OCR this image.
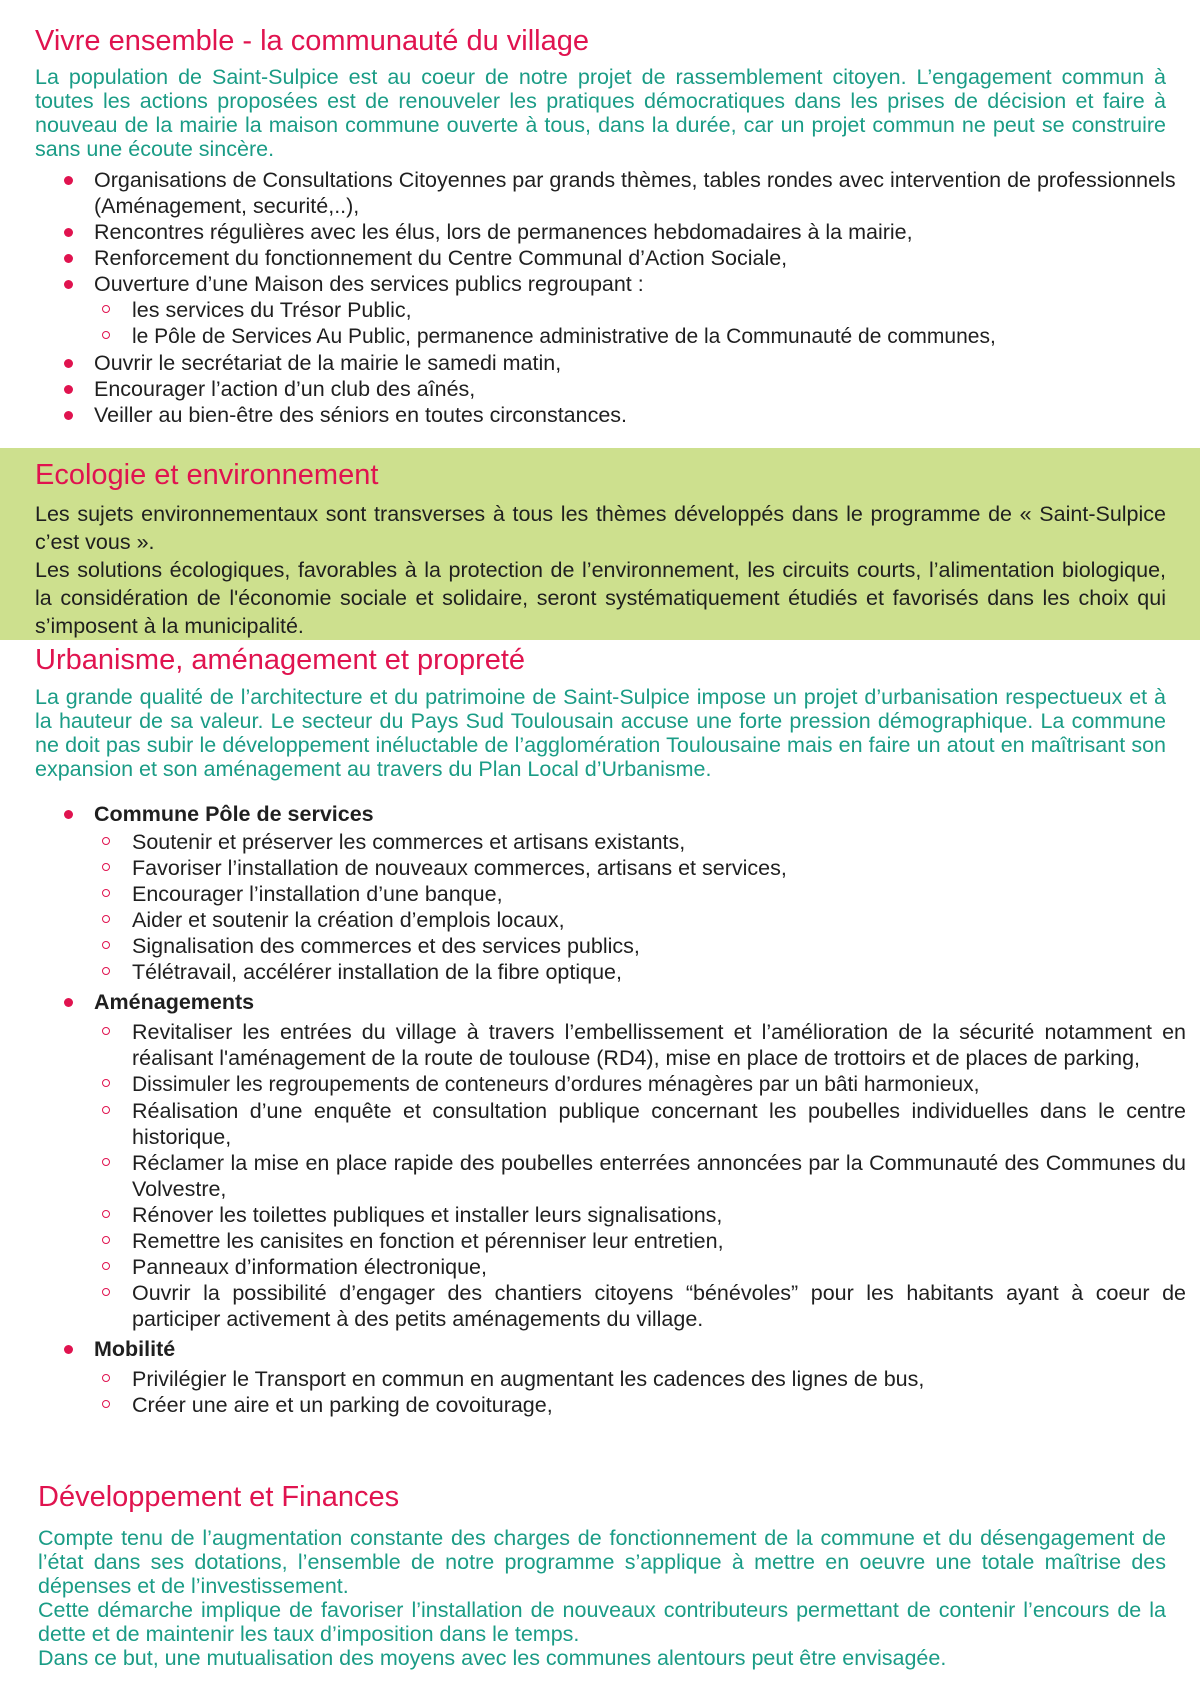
Vivre ensemble - la communauté du village

La population de Saint-Sulpice est au coeur de notre projet de rassemblement citoyen. L’engagement commun à toutes les actions proposées est de renouveler les pratiques démocratiques dans les prises de décision et faire à nouveau de la mairie la maison commune ouverte à tous, dans la durée, car un projet commun ne peut se construire sans une écoute sincère.

Organisations de Consultations Citoyennes par grands thèmes, tables rondes avec intervention de professionnels (Aménagement, securité,..),
Rencontres régulières avec les élus, lors de permanences hebdomadaires à la mairie,
Renforcement du fonctionnement du Centre Communal d’Action Sociale,
Ouverture d’une Maison des services publics regroupant :
les services du Trésor Public,
le Pôle de Services Au Public, permanence administrative de la Communauté de communes,
Ouvrir le secrétariat de la mairie le samedi matin,
Encourager l’action d’un club des aînés,
Veiller au bien-être des séniors en toutes circonstances.
Ecologie et environnement

Les sujets environnementaux sont transverses à tous les thèmes développés dans le programme de « Saint-Sulpice c’est vous ».

Les solutions écologiques, favorables à la protection de l’environnement, les circuits courts, l’alimentation biologique, la considération de l'économie sociale et solidaire, seront systématiquement étudiés et favorisés dans les choix qui s’imposent à la municipalité.

Urbanisme, aménagement et propreté

La grande qualité de l’architecture et du patrimoine de Saint-Sulpice impose un projet d’urbanisation respectueux et à la hauteur de sa valeur. Le secteur du Pays Sud Toulousain accuse une forte pression démographique. La commune ne doit pas subir le développement inéluctable de l’agglomération Toulousaine mais en faire un atout en maîtrisant son expansion et son aménagement au travers du Plan Local d’Urbanisme.

Commune Pôle de services
Soutenir et préserver les commerces et artisans existants,
Favoriser l’installation de nouveaux commerces, artisans et services,
Encourager l’installation d’une banque,
Aider et soutenir la création d’emplois locaux,
Signalisation des commerces et des services publics,
Télétravail, accélérer installation de la fibre optique,
Aménagements
Revitaliser les entrées du village à travers l’embellissement et l’amélioration de la sécurité notamment en réalisant l'aménagement de la route de toulouse (RD4), mise en place de trottoirs et de places de parking,
Dissimuler les regroupements de conteneurs d’ordures ménagères par un bâti harmonieux,
Réalisation d’une enquête et consultation publique concernant les poubelles individuelles dans le centre historique,
Réclamer la mise en place rapide des poubelles enterrées annoncées par la Communauté des Communes du Volvestre,
Rénover les toilettes publiques et installer leurs signalisations,
Remettre les canisites en fonction et pérenniser leur entretien,
Panneaux d’information électronique,
Ouvrir la possibilité d’engager des chantiers citoyens “bénévoles” pour les habitants ayant à coeur de participer activement à des petits aménagements du village.
Mobilité
Privilégier le Transport en commun en augmentant les cadences des lignes de bus,
Créer une aire et un parking de covoiturage,
Développement et Finances

Compte tenu de l’augmentation constante des charges de fonctionnement de la commune et du désengagement de l’état dans ses dotations, l’ensemble de notre programme s’applique à mettre en oeuvre une totale maîtrise des dépenses et de l’investissement.

Cette démarche implique de favoriser l’installation de nouveaux contributeurs permettant de contenir l’encours de la dette et de maintenir les taux d’imposition dans le temps.

Dans ce but, une mutualisation des moyens avec les communes alentours peut être envisagée.
